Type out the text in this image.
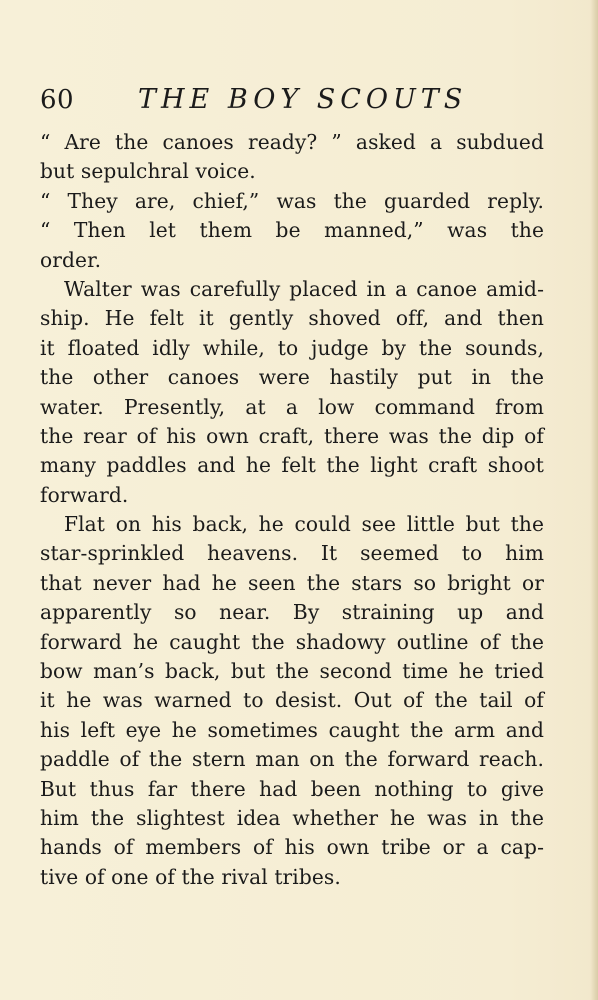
60 THE BOY SCOUTS
“ Are the canoes ready? ” asked a subdued
but sepulchral voice.
“ They are, chief,” was the guarded reply.
“ Then let them be manned,” was the
order.
Walter was carefully placed in a canoe amid-
ship. He felt it gently shoved off, and then
it floated idly while, to judge by the sounds,
the other canoes were hastily put in the
water. Presently, at a low command from
the rear of his own craft, there was the dip of
many paddles and he felt the light craft shoot
forward.
Flat on his back, he could see little but the
star-sprinkled heavens. It seemed to him
that never had he seen the stars so bright or
apparently so near. By straining up and
forward he caught the shadowy outline of the
bow man’s back, but the second time he tried
it he was warned to desist. Out of the tail of
his left eye he sometimes caught the arm and
paddle of the stern man on the forward reach.
But thus far there had been nothing to give
him the slightest idea whether he was in the
hands of members of his own tribe or a cap-
tive of one of the rival tribes.
